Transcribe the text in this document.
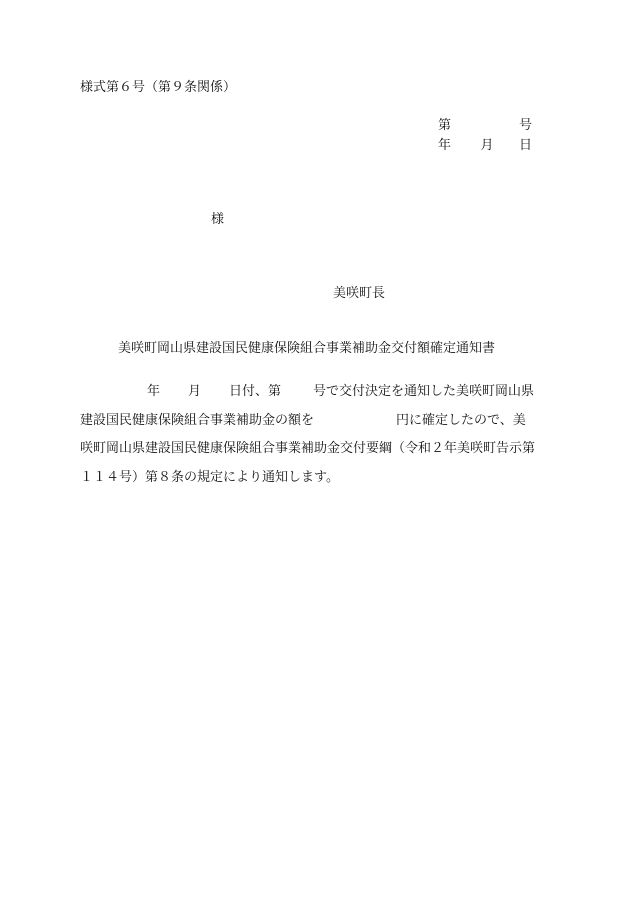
様式第６号（第９条関係）
第	号
年 月 日
様
美咲町長
美咲町岡山県建設国民健康保険組合事業補助金交付額確定通知書
年 月 日付、第 号で交付決定を通知した美咲町岡山県
建設国民健康保険組合事業補助金の額を	円に確定したので、美
咲町岡山県建設国民健康保険組合事業補助金交付要綱（令和２年美咲町告示第
１１４号）第８条の規定により通知します。
